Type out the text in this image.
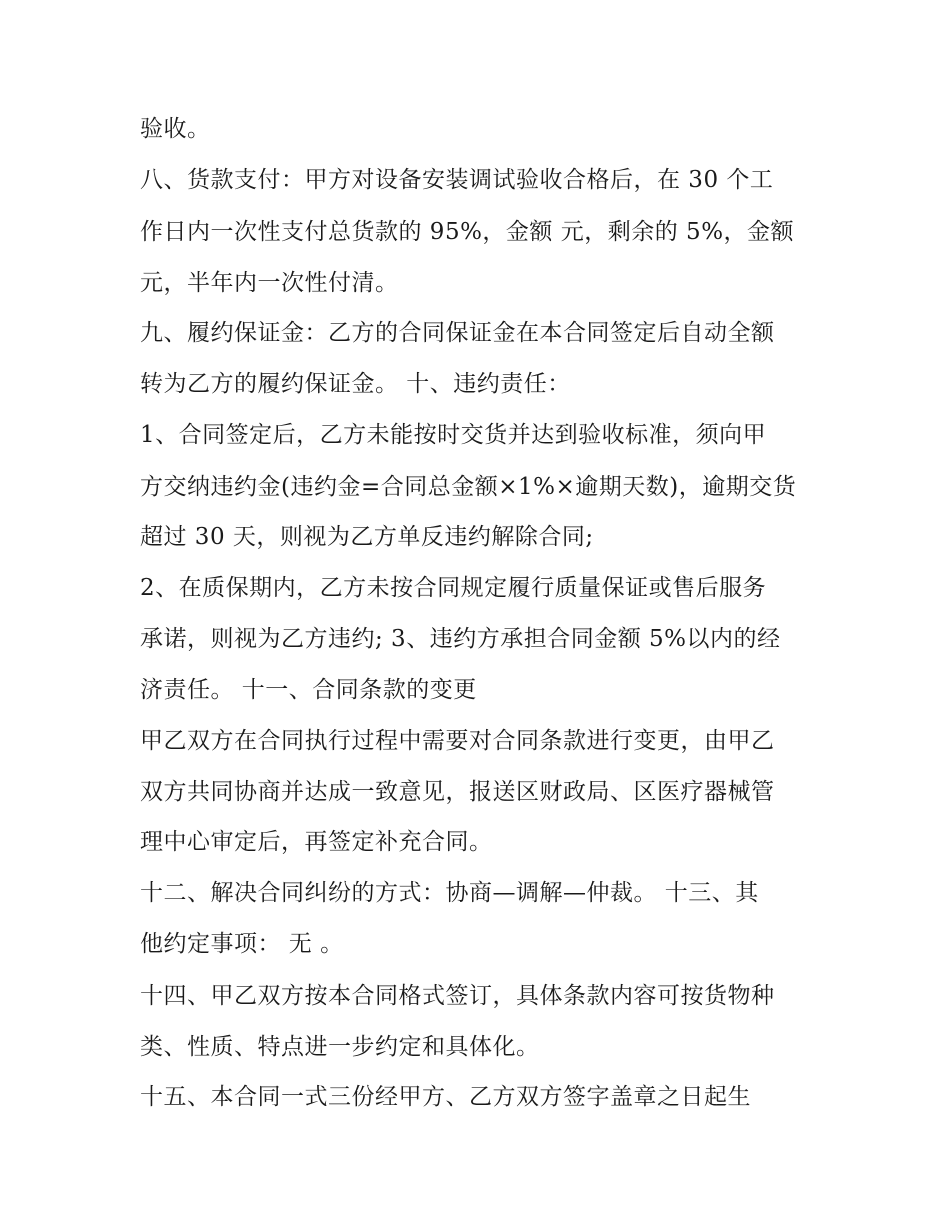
验收。
八、货款支付：甲方对设备安装调试验收合格后，在 30 个工
作日内一次性支付总货款的 95%，金额 元，剩余的 5%，金额
元，半年内一次性付清。
九、履约保证金：乙方的合同保证金在本合同签定后自动全额
转为乙方的履约保证金。 十、违约责任：
1、合同签定后，乙方未能按时交货并达到验收标准，须向甲
方交纳违约金(违约金=合同总金额×1%×逾期天数)，逾期交货
超过 30 天，则视为乙方单反违约解除合同;
2、在质保期内，乙方未按合同规定履行质量保证或售后服务
承诺，则视为乙方违约; 3、违约方承担合同金额 5%以内的经
济责任。 十一、合同条款的变更
甲乙双方在合同执行过程中需要对合同条款进行变更，由甲乙
双方共同协商并达成一致意见，报送区财政局、区医疗器械管
理中心审定后，再签定补充合同。
十二、解决合同纠纷的方式：协商—调解—仲裁。 十三、其
他约定事项： 无 。
十四、甲乙双方按本合同格式签订，具体条款内容可按货物种
类、性质、特点进一步约定和具体化。
十五、本合同一式三份经甲方、乙方双方签字盖章之日起生
